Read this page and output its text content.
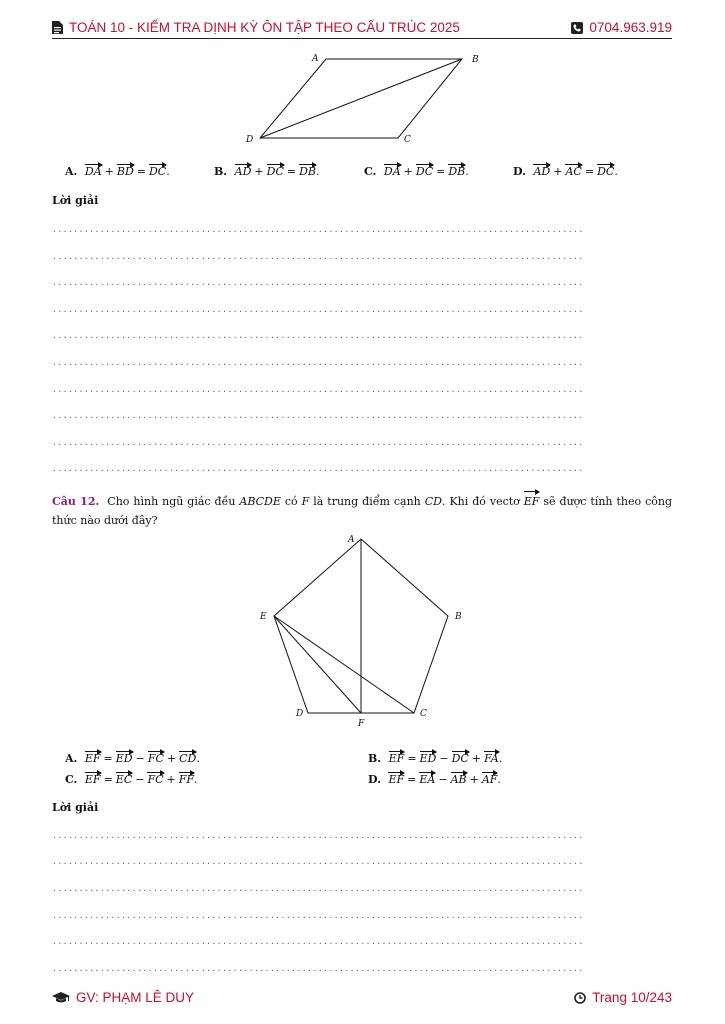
TOÁN 10 - KIỂM TRA DỊNH KỲ ÔN TẬP THEO CẤU TRÚC 2025	0704.963.919
A	B
C
D
A. DA + BD = DC.	B. AD + DC = DB.	C. DA + DC = DB.	D. AD + AC = DC.
Lời giải
....................................................................................................
....................................................................................................
....................................................................................................
....................................................................................................
....................................................................................................
....................................................................................................
....................................................................................................
....................................................................................................
....................................................................................................
....................................................................................................
Câu 12. Cho hình ngũ giác đều ABCDE có F là trung điểm cạnh CD. Khi đó vectơ EF sẽ được tính theo công thức nào dưới đây?
A
B
C
D
E
F
A. EF = ED − FC + CD.	B. EF = ED − DC + FA.
C. EF = EC − FC + FF.	D. EF = EA − AB + AF.
Lời giải
....................................................................................................
....................................................................................................
....................................................................................................
....................................................................................................
....................................................................................................
....................................................................................................
GV: PHẠM LÊ DUY	Trang 10/243
